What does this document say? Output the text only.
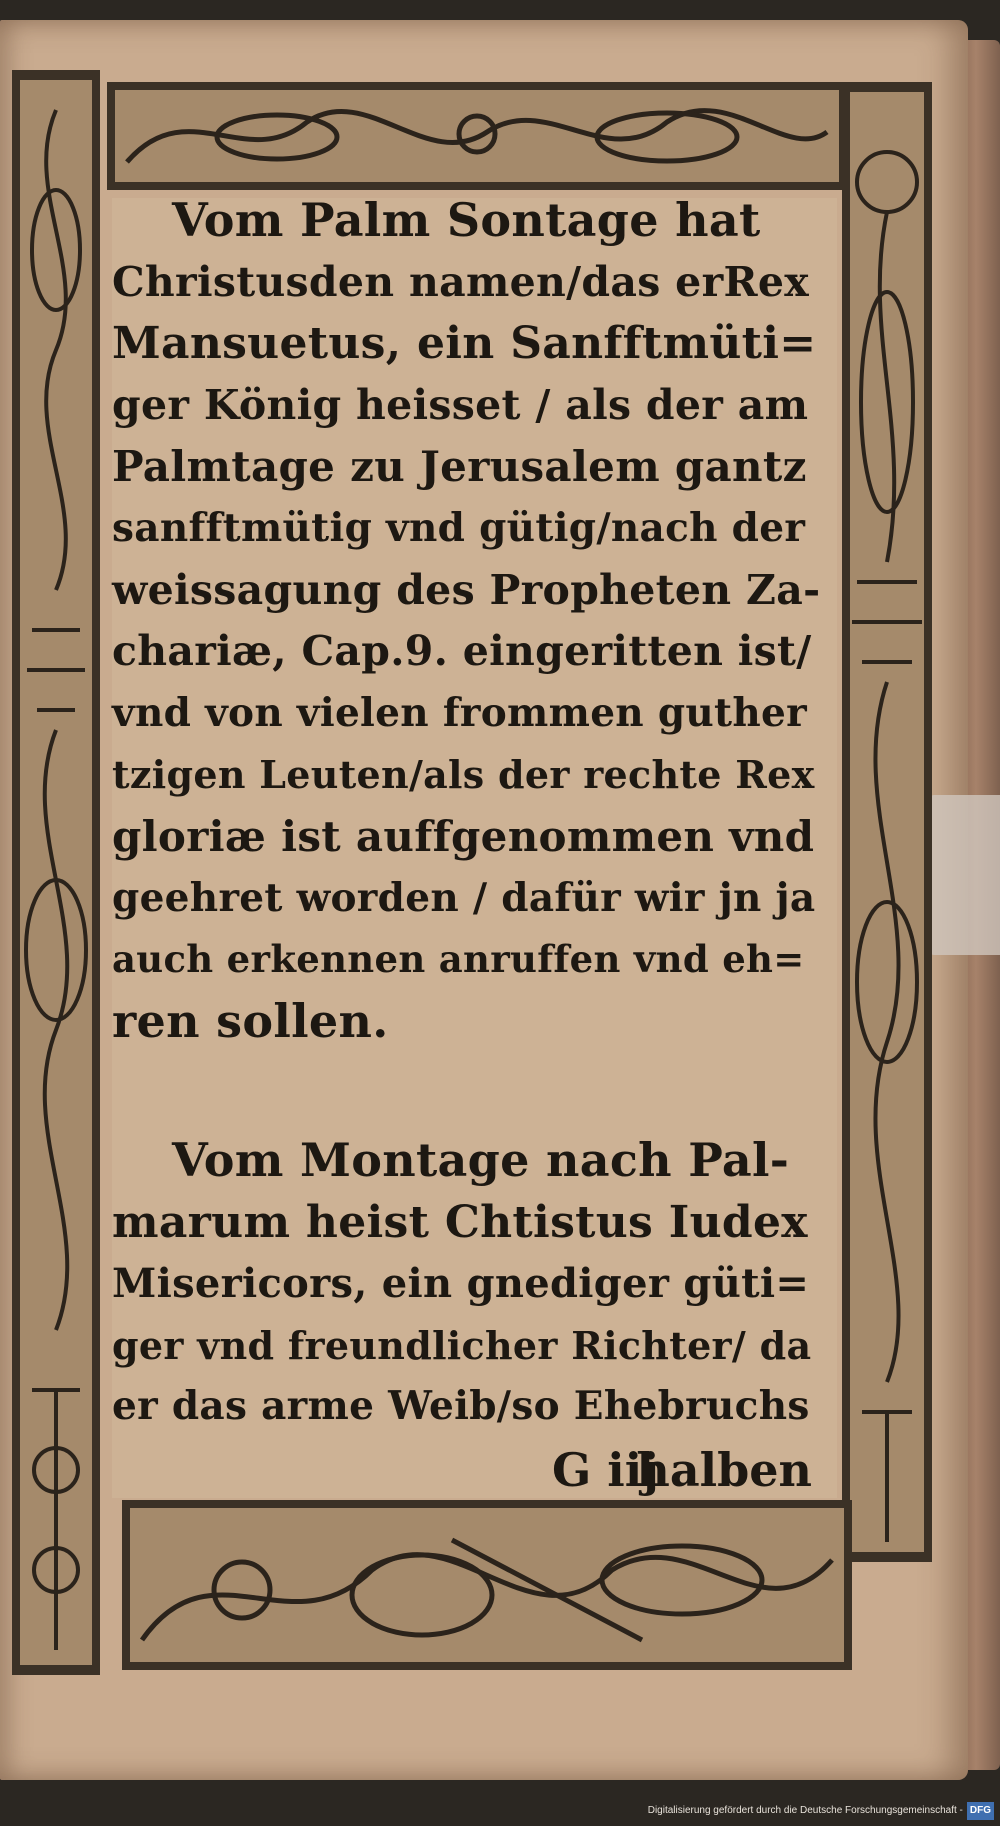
Vom Palm Sontage hat
Christusden namen/das erRex
Mansuetus, ein Sanfftmüti=
ger König heisset / als der am
Palmtage zu Jerusalem gantz
sanfftmütig vnd gütig/nach der
weissagung des Propheten Za-
chariæ, Cap.9. eingeritten ist/
vnd von vielen frommen guther
tzigen Leuten/als der rechte Rex
gloriæ ist auffgenommen vnd
geehret worden / dafür wir jn ja
auch erkennen anruffen vnd eh=
ren sollen.
Vom Montage nach Pal-
marum heist Chtistus Iudex
Misericors, ein gnediger güti=
ger vnd freundlicher Richter/ da
er das arme Weib/so Ehebruchs
G iij
halben
Digitalisierung gefördert durch die Deutsche Forschungsgemeinschaft - DFG
